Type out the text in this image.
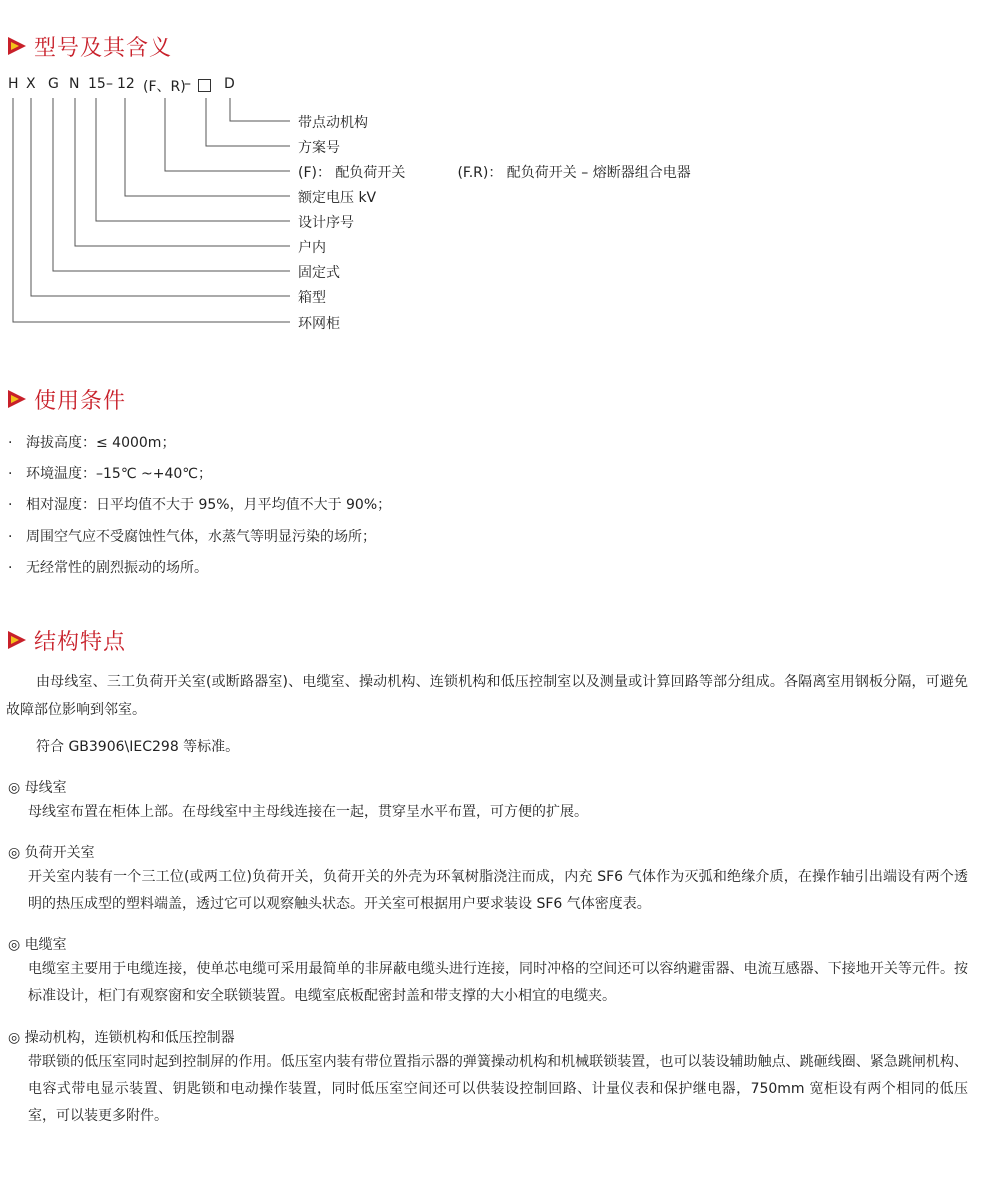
型号及其含义
H X G N 15 – 12 (F、R)
– D
带点动机构
方案号
(F)： 配负荷开关	(F.R)： 配负荷开关 – 熔断器组合电器
额定电压 kV
设计序号
户内
固定式
箱型
环网柜
使用条件
· 海拔高度：≤ 4000m；
· 环境温度：–15℃ ~+40℃；
· 相对湿度：日平均值不大于 95%，月平均值不大于 90%；
· 周围空气应不受腐蚀性气体，水蒸气等明显污染的场所；
· 无经常性的剧烈振动的场所。
结构特点
由母线室、三工负荷开关室(或断路器室)、电缆室、操动机构、连锁机构和低压控制室以及测量或计算回路等部分组成。各隔离室用钢板分隔，可避免故障部位影响到邻室。
符合 GB3906\IEC298 等标准。
◎ 母线室
母线室布置在柜体上部。在母线室中主母线连接在一起，贯穿呈水平布置，可方便的扩展。
◎ 负荷开关室
开关室内装有一个三工位(或两工位)负荷开关，负荷开关的外壳为环氧树脂浇注而成，内充 SF6 气体作为灭弧和绝缘介质，在操作轴引出端设有两个透明的热压成型的塑料端盖，透过它可以观察触头状态。开关室可根据用户要求装设 SF6 气体密度表。
◎ 电缆室
电缆室主要用于电缆连接，使单芯电缆可采用最简单的非屏蔽电缆头进行连接，同时冲格的空间还可以容纳避雷器、电流互感器、下接地开关等元件。按标准设计，柜门有观察窗和安全联锁装置。电缆室底板配密封盖和带支撑的大小相宜的电缆夹。
◎ 操动机构，连锁机构和低压控制器
带联锁的低压室同时起到控制屏的作用。低压室内装有带位置指示器的弹簧操动机构和机械联锁装置，也可以装设辅助触点、跳砸线圈、紧急跳闸机构、电容式带电显示装置、钥匙锁和电动操作装置，同时低压室空间还可以供装设控制回路、计量仪表和保护继电器，750mm 宽柜设有两个相同的低压室，可以装更多附件。
